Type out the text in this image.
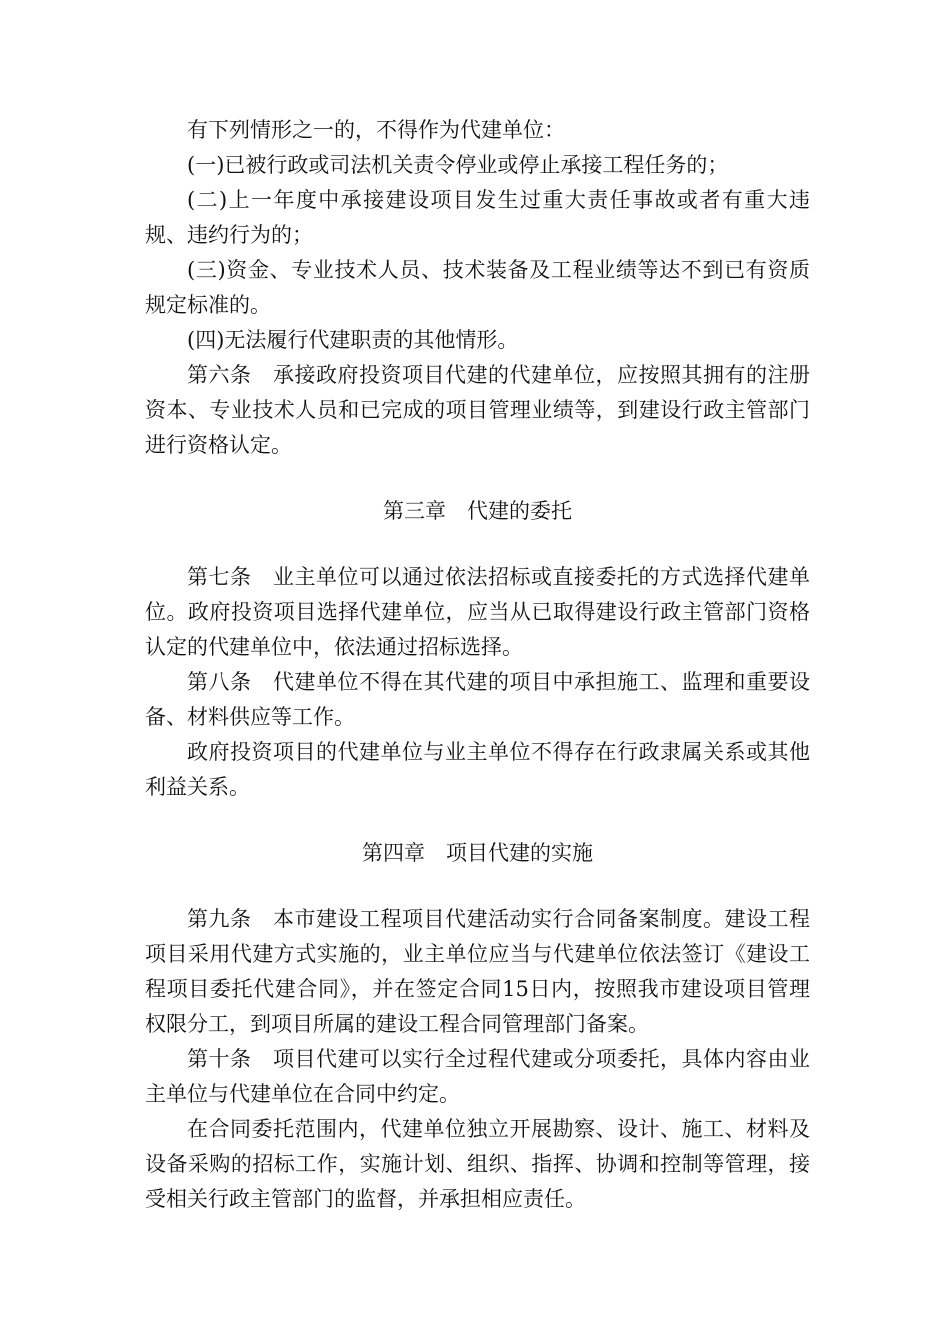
有下列情形之一的，不得作为代建单位：

(一)已被行政或司法机关责令停业或停止承接工程任务的；

(二)上一年度中承接建设项目发生过重大责任事故或者有重大违规、违约行为的；

(三)资金、专业技术人员、技术装备及工程业绩等达不到已有资质规定标准的。

(四)无法履行代建职责的其他情形。

第六条　承接政府投资项目代建的代建单位，应按照其拥有的注册资本、专业技术人员和已完成的项目管理业绩等，到建设行政主管部门进行资格认定。

第三章　代建的委托

第七条　业主单位可以通过依法招标或直接委托的方式选择代建单位。政府投资项目选择代建单位，应当从已取得建设行政主管部门资格认定的代建单位中，依法通过招标选择。

第八条　代建单位不得在其代建的项目中承担施工、监理和重要设备、材料供应等工作。

政府投资项目的代建单位与业主单位不得存在行政隶属关系或其他利益关系。

第四章　项目代建的实施

第九条　本市建设工程项目代建活动实行合同备案制度。建设工程项目采用代建方式实施的，业主单位应当与代建单位依法签订《建设工程项目委托代建合同》，并在签定合同15日内，按照我市建设项目管理权限分工，到项目所属的建设工程合同管理部门备案。

第十条　项目代建可以实行全过程代建或分项委托，具体内容由业主单位与代建单位在合同中约定。

在合同委托范围内，代建单位独立开展勘察、设计、施工、材料及设备采购的招标工作，实施计划、组织、指挥、协调和控制等管理，接受相关行政主管部门的监督，并承担相应责任。
